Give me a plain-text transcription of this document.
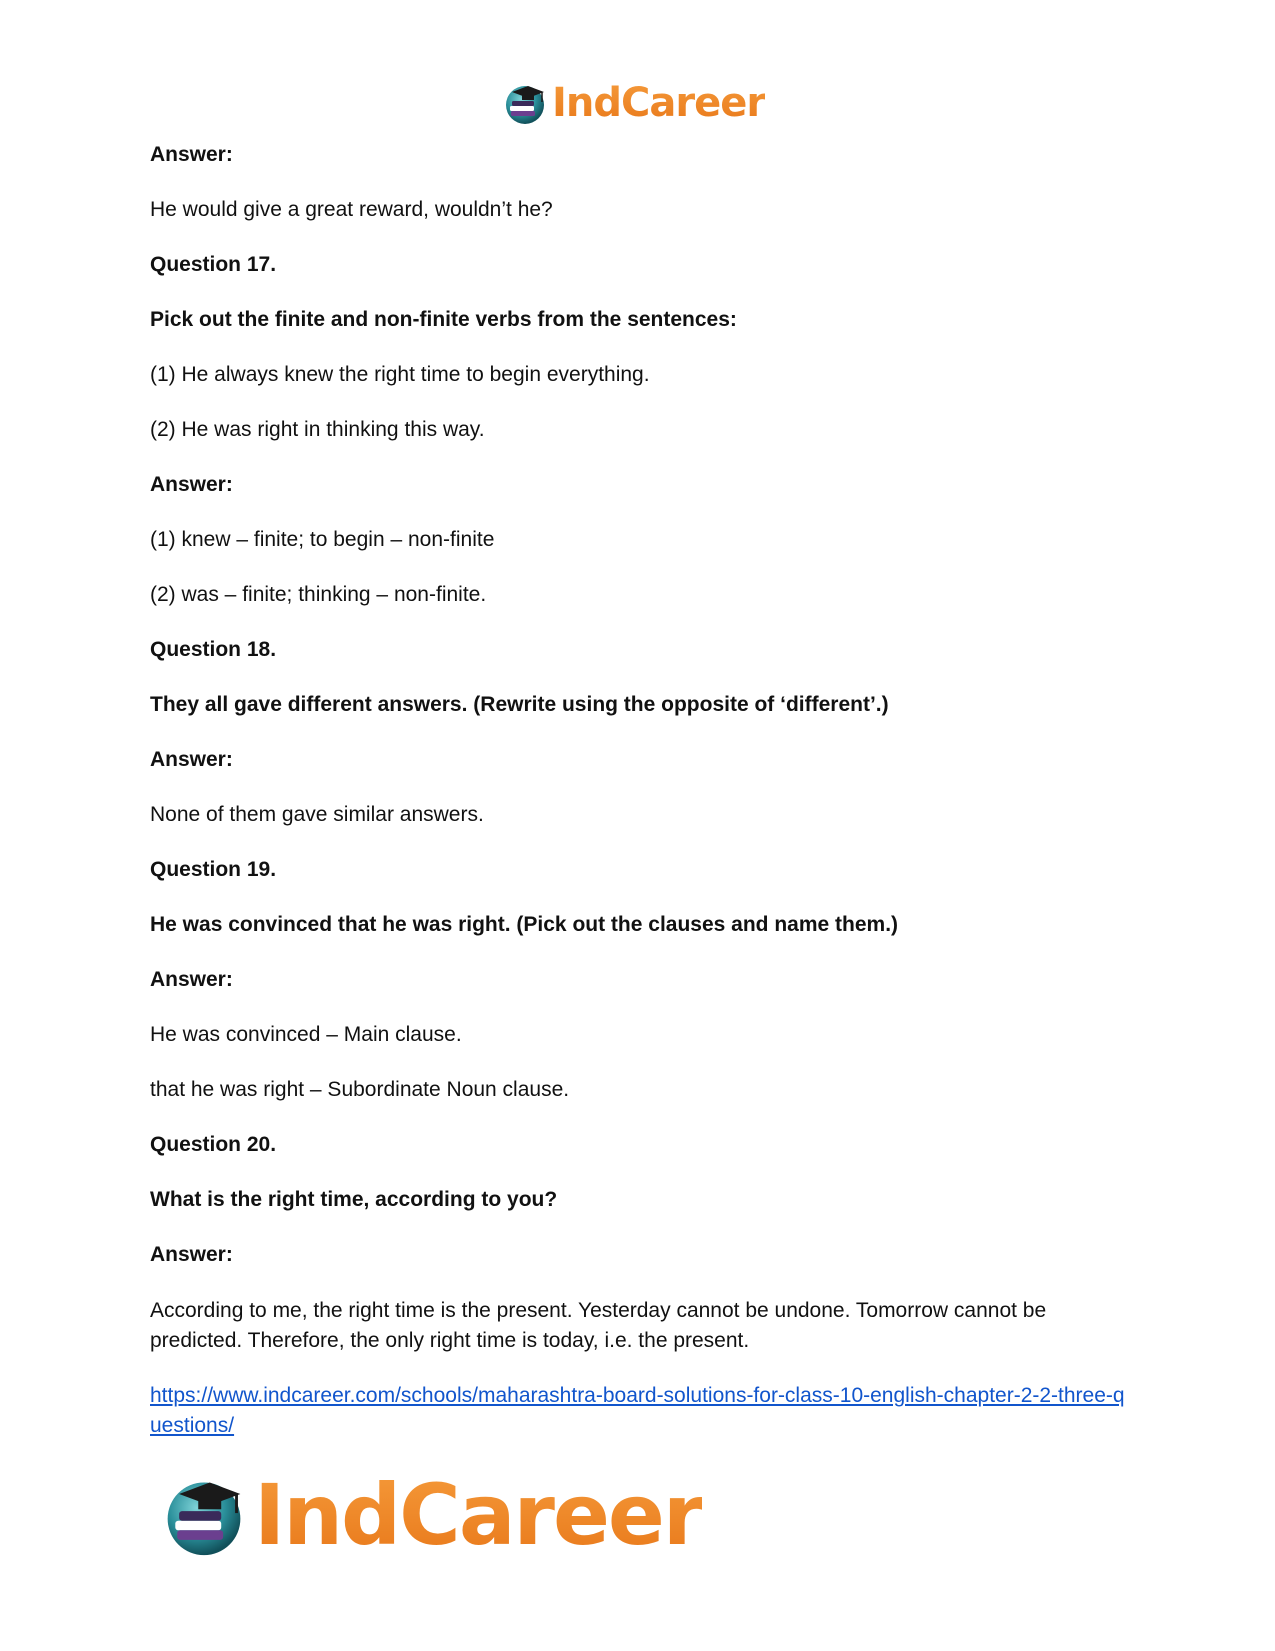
IndCareer

Answer:

He would give a great reward, wouldn’t he?

Question 17.

Pick out the finite and non-finite verbs from the sentences:

(1) He always knew the right time to begin everything.

(2) He was right in thinking this way.

Answer:

(1) knew – finite; to begin – non-finite

(2) was – finite; thinking – non-finite.

Question 18.

They all gave different answers. (Rewrite using the opposite of ‘different’.)

Answer:

None of them gave similar answers.

Question 19.

He was convinced that he was right. (Pick out the clauses and name them.)

Answer:

He was convinced – Main clause.

that he was right – Subordinate Noun clause.

Question 20.

What is the right time, according to you?

Answer:

According to me, the right time is the present. Yesterday cannot be undone. Tomorrow cannot be predicted. Therefore, the only right time is today, i.e. the present.

https://www.indcareer.com/schools/maharashtra-board-solutions-for-class-10-english-chapter-2-2-three-questions/
IndCareer
